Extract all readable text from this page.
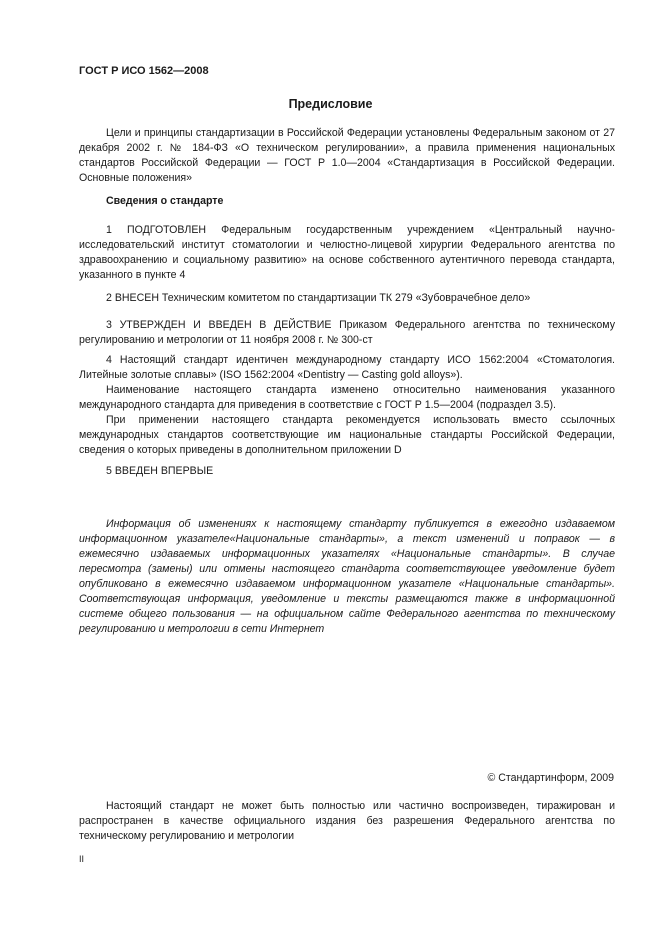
ГОСТ Р ИСО 1562—2008
Предисловие

Цели и принципы стандартизации в Российской Федерации установлены Федеральным законом от 27 декабря 2002 г. № 184-ФЗ «О техническом регулировании», а правила применения национальных стандартов Российской Федерации — ГОСТ Р 1.0—2004 «Стандартизация в Российской Федерации. Основные положения»

Сведения о стандарте

1 ПОДГОТОВЛЕН Федеральным государственным учреждением «Центральный научно-исследовательский институт стоматологии и челюстно-лицевой хирургии Федерального агентства по здравоохранению и социальному развитию» на основе собственного аутентичного перевода стандарта, указанного в пункте 4

2 ВНЕСЕН Техническим комитетом по стандартизации ТК 279 «Зубоврачебное дело»

3 УТВЕРЖДЕН И ВВЕДЕН В ДЕЙСТВИЕ Приказом Федерального агентства по техническому регулированию и метрологии от 11 ноября 2008 г. № 300-ст

4 Настоящий стандарт идентичен международному стандарту ИСО 1562:2004 «Стоматология. Литейные золотые сплавы» (ISO 1562:2004 «Dentistry — Casting gold alloys»).

Наименование настоящего стандарта изменено относительно наименования указанного международного стандарта для приведения в соответствие с ГОСТ Р 1.5—2004 (подраздел 3.5).

При применении настоящего стандарта рекомендуется использовать вместо ссылочных международных стандартов соответствующие им национальные стандарты Российской Федерации, сведения о которых приведены в дополнительном приложении D

5 ВВЕДЕН ВПЕРВЫЕ

Информация об изменениях к настоящему стандарту публикуется в ежегодно издаваемом информационном указателе«Национальные стандарты», а текст изменений и поправок — в ежемесячно издаваемых информационных указателях «Национальные стандарты». В случае пересмотра (замены) или отмены настоящего стандарта соответствующее уведомление будет опубликовано в ежемесячно издаваемом информационном указателе «Национальные стандарты». Соответствующая информация, уведомление и тексты размещаются также в информационной системе общего пользования — на официальном сайте Федерального агентства по техническому регулированию и метрологии в сети Интернет

© Стандартинформ, 2009

Настоящий стандарт не может быть полностью или частично воспроизведен, тиражирован и распространен в качестве официального издания без разрешения Федерального агентства по техническому регулированию и метрологии

II
